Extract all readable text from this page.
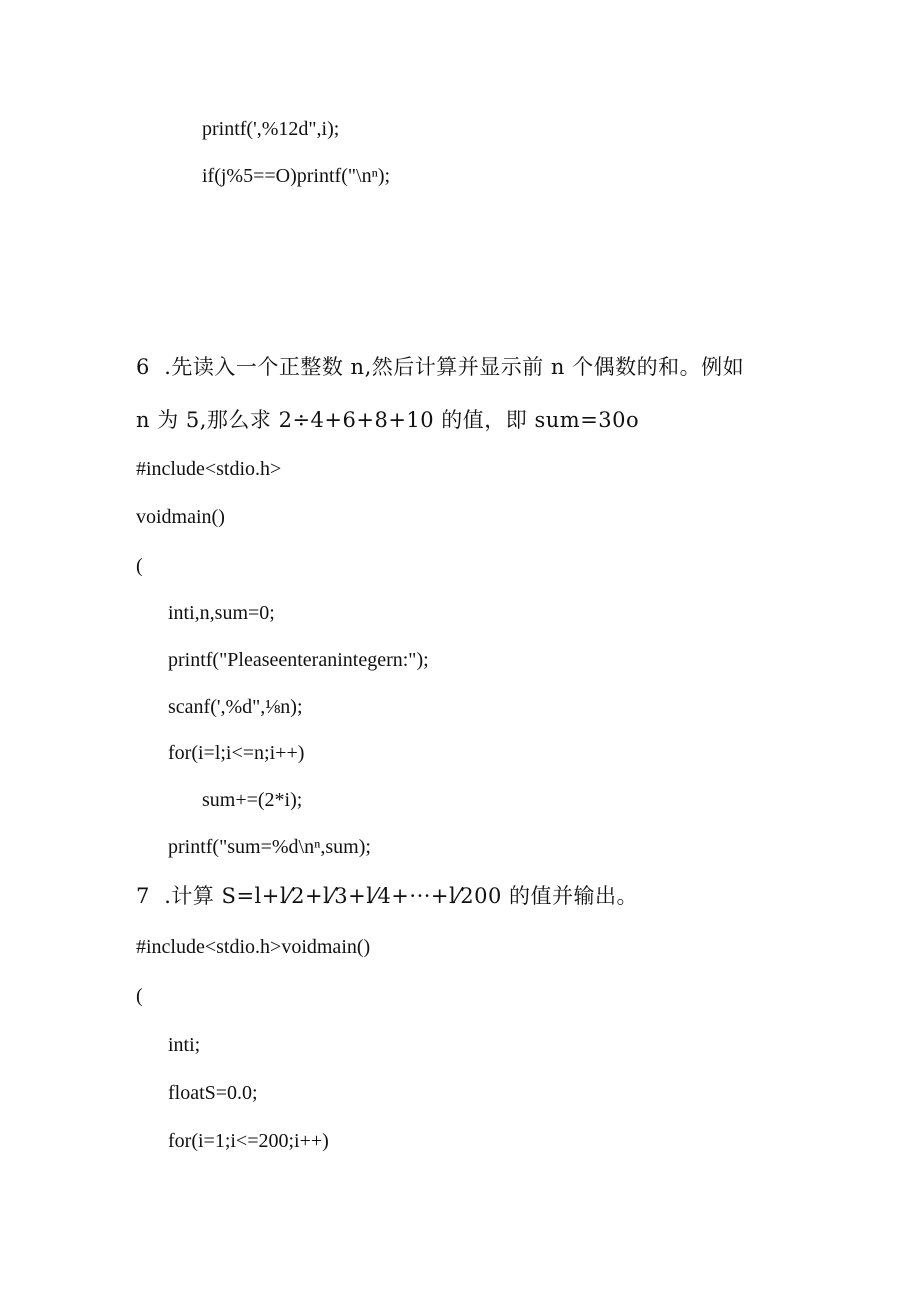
printf(',%12d",i);
if(j%5==O)printf("\nⁿ);
6  .先读入一个正整数 n,然后计算并显示前 n 个偶数的和。例如
n 为 5,那么求 2÷4+6+8+10 的值，即 sum=30o
#include<stdio.h>
voidmain()
(
inti,n,sum=0;
printf("Pleaseenteranintegern:");
scanf(',%d",⅛n);
for(i=l;i<=n;i++)
sum+=(2*i);
printf("sum=%d\nⁿ,sum);
7  .计算 S=l+l⁄2+l⁄3+l⁄4+···+l⁄200 的值并输出。
#include<stdio.h>voidmain()
(
inti;
floatS=0.0;
for(i=1;i<=200;i++)
